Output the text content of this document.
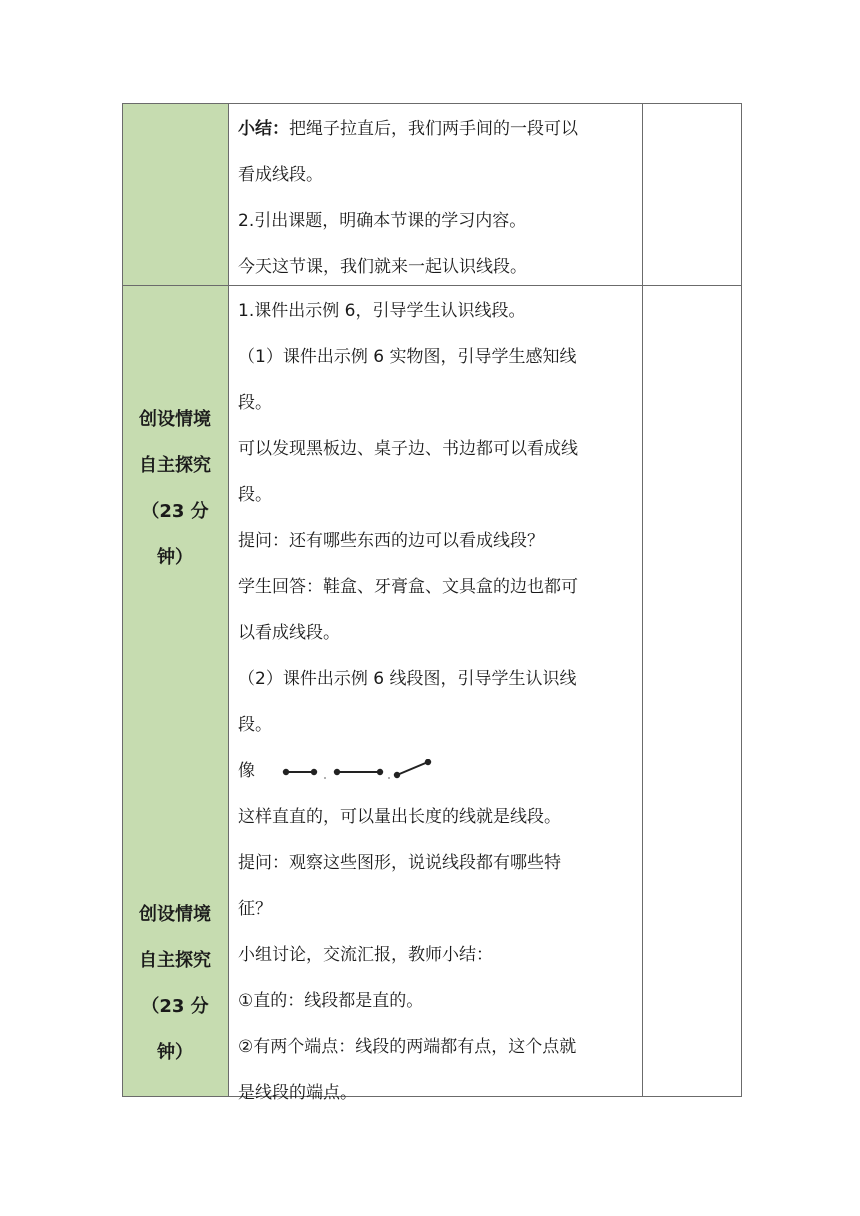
小结：把绳子拉直后，我们两手间的一段可以

看成线段。

2.引出课题，明确本节课的学习内容。

今天这节课，我们就来一起认识线段。

创设情境
自主探究
（23 分
钟）
创设情境
自主探究
（23 分
钟）

1.课件出示例 6，引导学生认识线段。

（1）课件出示例 6 实物图，引导学生感知线

段。

可以发现黑板边、桌子边、书边都可以看成线

段。

提问：还有哪些东西的边可以看成线段？

学生回答：鞋盒、牙膏盒、文具盒的边也都可

以看成线段。

（2）课件出示例 6 线段图，引导学生认识线

段。

像

这样直直的，可以量出长度的线就是线段。

提问：观察这些图形，说说线段都有哪些特

征？

小组讨论，交流汇报，教师小结：

①直的：线段都是直的。

②有两个端点：线段的两端都有点，这个点就

是线段的端点。
